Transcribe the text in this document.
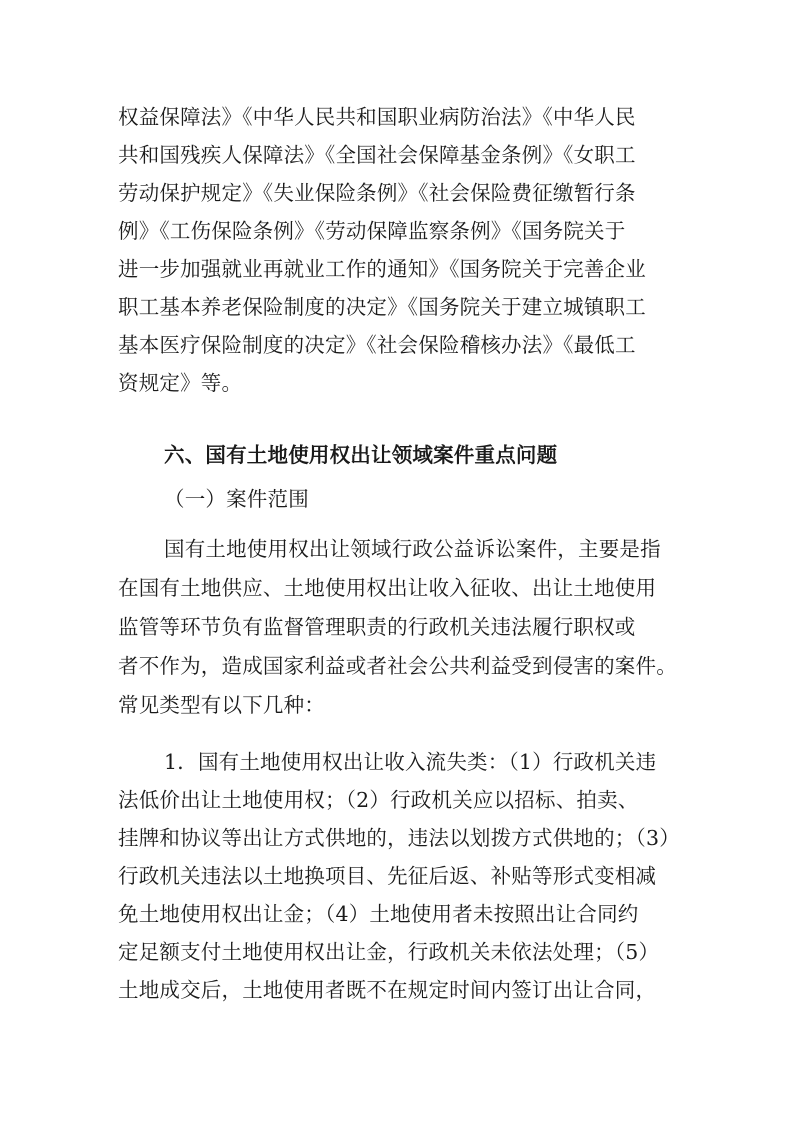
权益保障法》《中华人民共和国职业病防治法》《中华人民
共和国残疾人保障法》《全国社会保障基金条例》《女职工
劳动保护规定》《失业保险条例》《社会保险费征缴暂行条
例》《工伤保险条例》《劳动保障监察条例》《国务院关于
进一步加强就业再就业工作的通知》《国务院关于完善企业
职工基本养老保险制度的决定》《国务院关于建立城镇职工
基本医疗保险制度的决定》《社会保险稽核办法》《最低工
资规定》等。
六、国有土地使用权出让领域案件重点问题
（一）案件范围
国有土地使用权出让领域行政公益诉讼案件，主要是指
在国有土地供应、土地使用权出让收入征收、出让土地使用
监管等环节负有监督管理职责的行政机关违法履行职权或
者不作为，造成国家利益或者社会公共利益受到侵害的案件。
常见类型有以下几种：
1．国有土地使用权出让收入流失类：（1）行政机关违
法低价出让土地使用权；（2）行政机关应以招标、拍卖、
挂牌和协议等出让方式供地的，违法以划拨方式供地的；（3）
行政机关违法以土地换项目、先征后返、补贴等形式变相减
免土地使用权出让金；（4）土地使用者未按照出让合同约
定足额支付土地使用权出让金，行政机关未依法处理；（5）
土地成交后，土地使用者既不在规定时间内签订出让合同，
